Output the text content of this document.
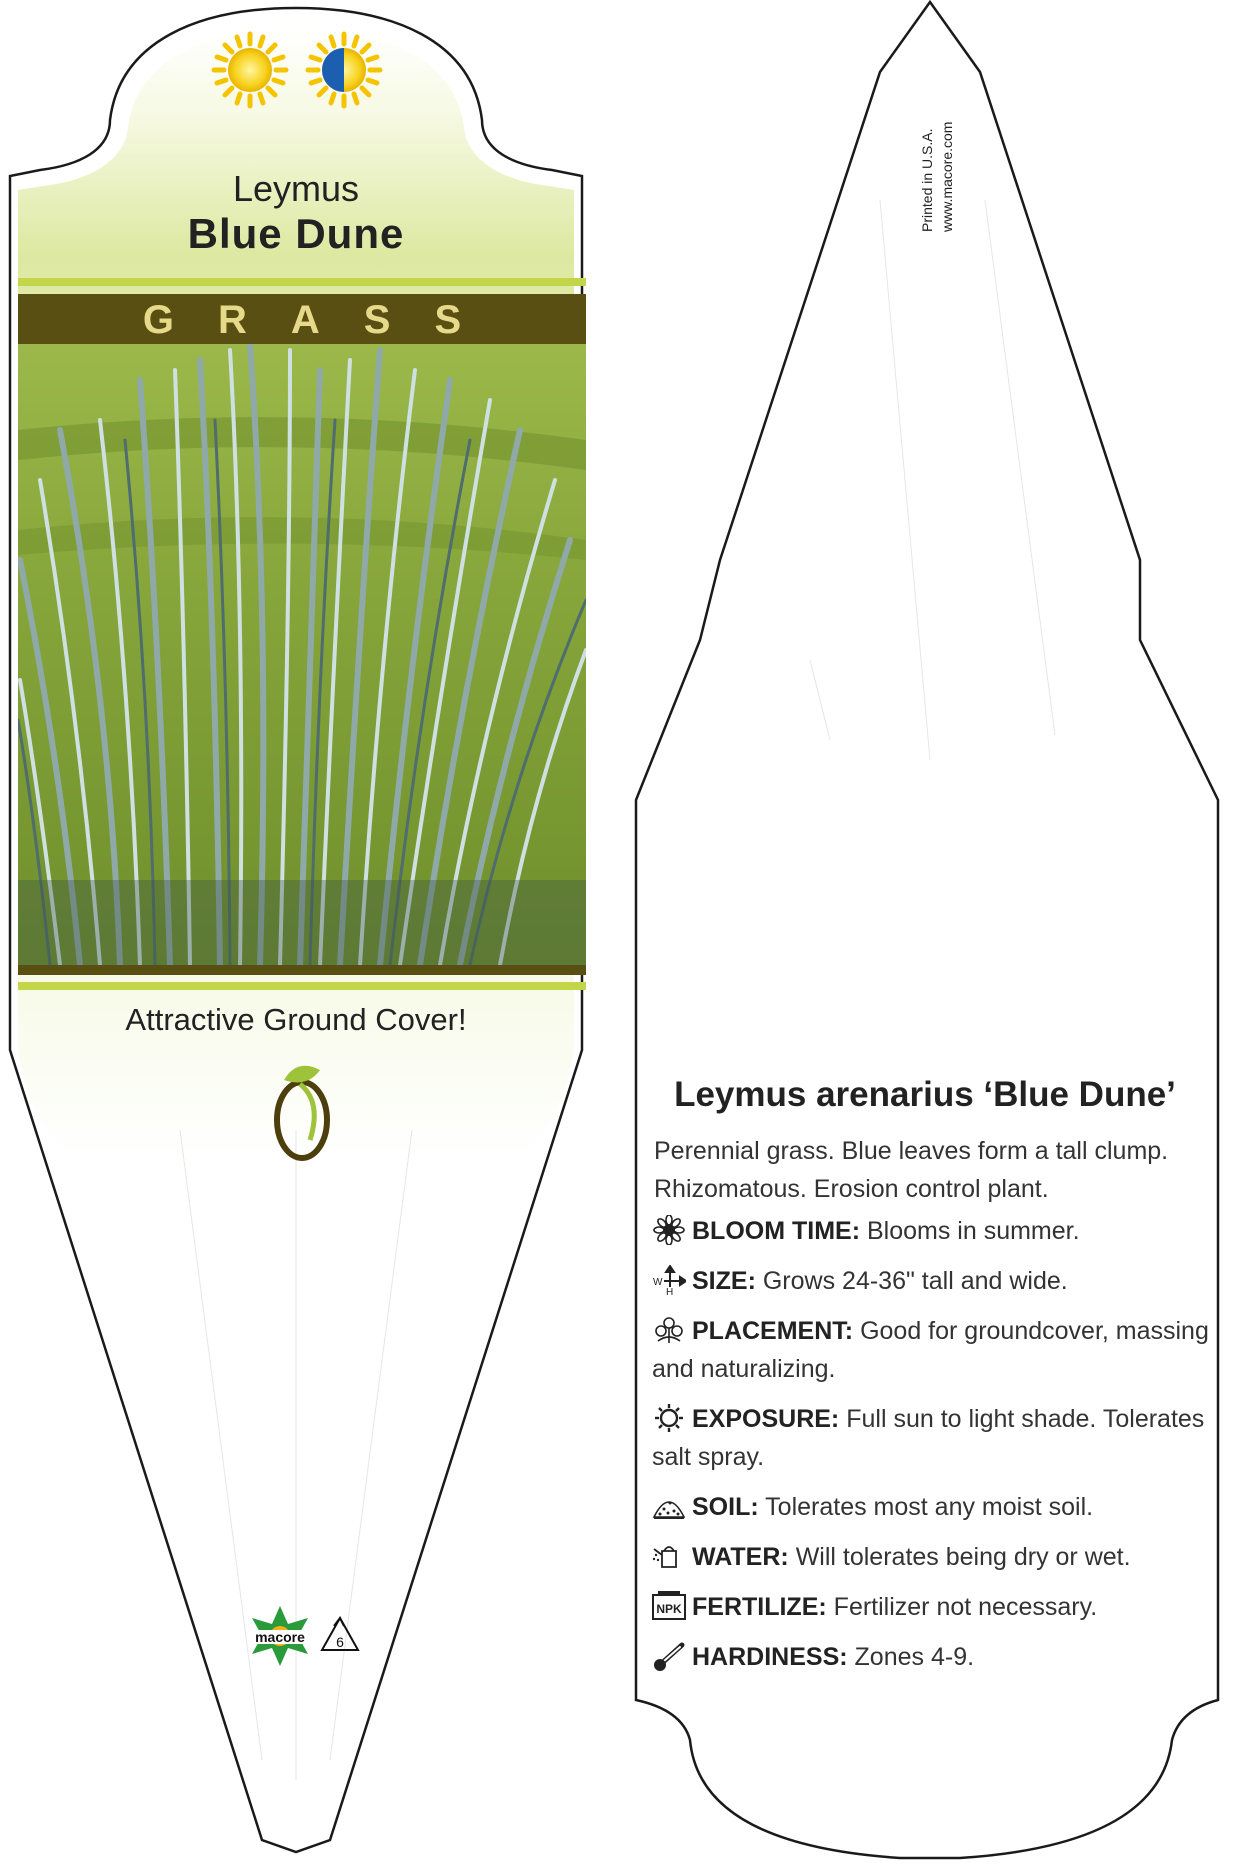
macore 6
Leymus
Blue Dune
GRASS
Attractive Ground Cover!
Printed in U.S.A. www.macore.com
Leymus arenarius ‘Blue Dune’
Perennial grass. Blue leaves form a tall clump. Rhizomatous. Erosion control plant.
BLOOM TIME: Blooms in summer.
W
H SIZE: Grows 24-36" tall and wide.
PLACEMENT: Good for groundcover, massing and naturalizing.
EXPOSURE: Full sun to light shade. Tolerates salt spray.
SOIL: Tolerates most any moist soil.
WATER: Will tolerates being dry or wet.
NPK FERTILIZE: Fertilizer not necessary.
HARDINESS: Zones 4-9.
